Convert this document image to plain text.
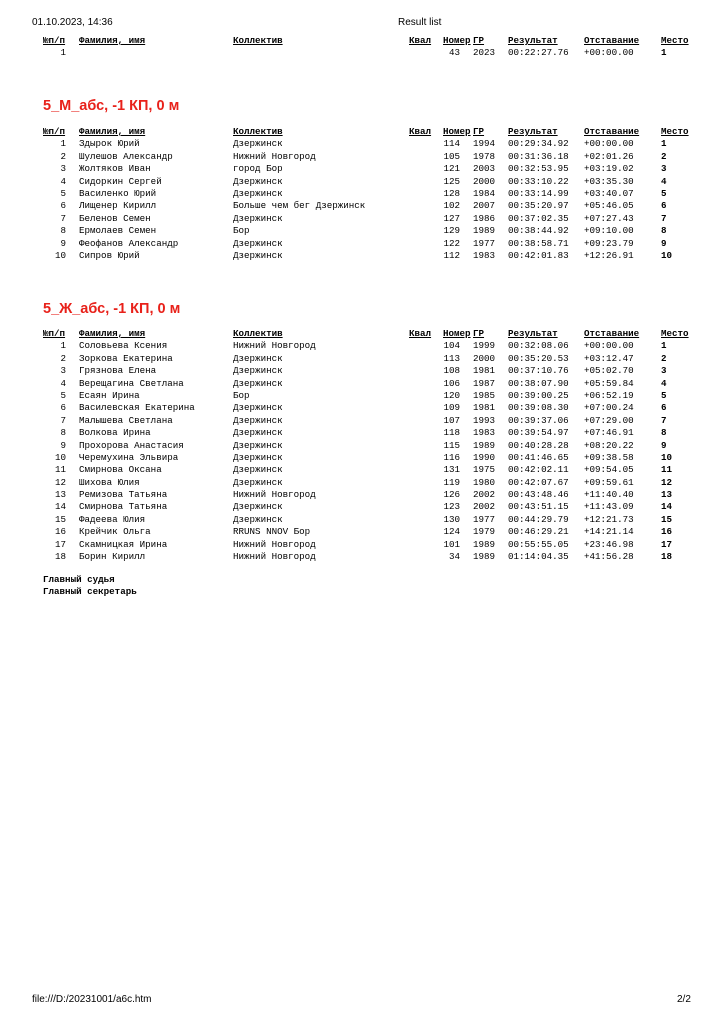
01.10.2023, 14:36	Result list
№п/п Фамилия, имя	Коллектив	Квал Номер ГР	Результат	Отставание Место
1	43 2023 00:22:27.76 +00:00.00	1
5_М_абс, -1 КП, 0 м
№п/п Фамилия, имя	Коллектив	Квал Номер ГР	Результат	Отставание Место
1 Здырок Юрий	Дзержинск	114 1994 00:29:34.92 +00:00.00	1
2 Шулешов Александр	Нижний Новгород	105 1978 00:31:36.18 +02:01.26	2
3 Жолтяков Иван	город Бор	121 2003 00:32:53.95 +03:19.02	3
4 Сидоркин Сергей	Дзержинск	125 2000 00:33:10.22 +03:35.30	4
5 Василенко Юрий	Дзержинск	128 1984 00:33:14.99 +03:40.07	5
6 Лищенер Кирилл	Больше чем бег Дзержинск	102 2007 00:35:20.97 +05:46.05	6
7 Беленов Семен	Дзержинск	127 1986 00:37:02.35 +07:27.43	7
8 Ермолаев Семен	Бор	129 1989 00:38:44.92 +09:10.00	8
9 Феофанов Александр	Дзержинск	122 1977 00:38:58.71 +09:23.79	9
10 Сипров Юрий	Дзержинск	112 1983 00:42:01.83 +12:26.91	10
5_Ж_абс, -1 КП, 0 м
№п/п Фамилия, имя	Коллектив	Квал Номер ГР	Результат	Отставание Место
1 Соловьева Ксения	Нижний Новгород	104 1999 00:32:08.06 +00:00.00	1
2 Зоркова Екатерина	Дзержинск	113 2000 00:35:20.53 +03:12.47	2
3 Грязнова Елена	Дзержинск	108 1981 00:37:10.76 +05:02.70	3
4 Верещагина Светлана	Дзержинск	106 1987 00:38:07.90 +05:59.84	4
5 Есаян Ирина	Бор	120 1985 00:39:00.25 +06:52.19	5
6 Василевская Екатерина	Дзержинск	109 1981 00:39:08.30 +07:00.24	6
7 Малышева Светлана	Дзержинск	107 1993 00:39:37.06 +07:29.00	7
8 Волкова Ирина	Дзержинск	118 1983 00:39:54.97 +07:46.91	8
9 Прохорова Анастасия	Дзержинск	115 1989 00:40:28.28 +08:20.22	9
10 Черемухина Эльвира	Дзержинск	116 1990 00:41:46.65 +09:38.58	10
11 Смирнова Оксана	Дзержинск	131 1975 00:42:02.11 +09:54.05	11
12 Шихова Юлия	Дзержинск	119 1980 00:42:07.67 +09:59.61	12
13 Ремизова Татьяна	Нижний Новгород	126 2002 00:43:48.46 +11:40.40	13
14 Смирнова Татьяна	Дзержинск	123 2002 00:43:51.15 +11:43.09	14
15 Фадеева Юлия	Дзержинск	130 1977 00:44:29.79 +12:21.73	15
16 Крейчик Ольга	RRUNS NNOV Бор	124 1979 00:46:29.21 +14:21.14	16
17 Скамницкая Ирина	Нижний Новгород	101 1989 00:55:55.05 +23:46.98	17
18 Борин Кирилл	Нижний Новгород	34 1989 01:14:04.35 +41:56.28	18
Главный судья
Главный секретарь
file:///D:/20231001/a6c.htm	2/2
